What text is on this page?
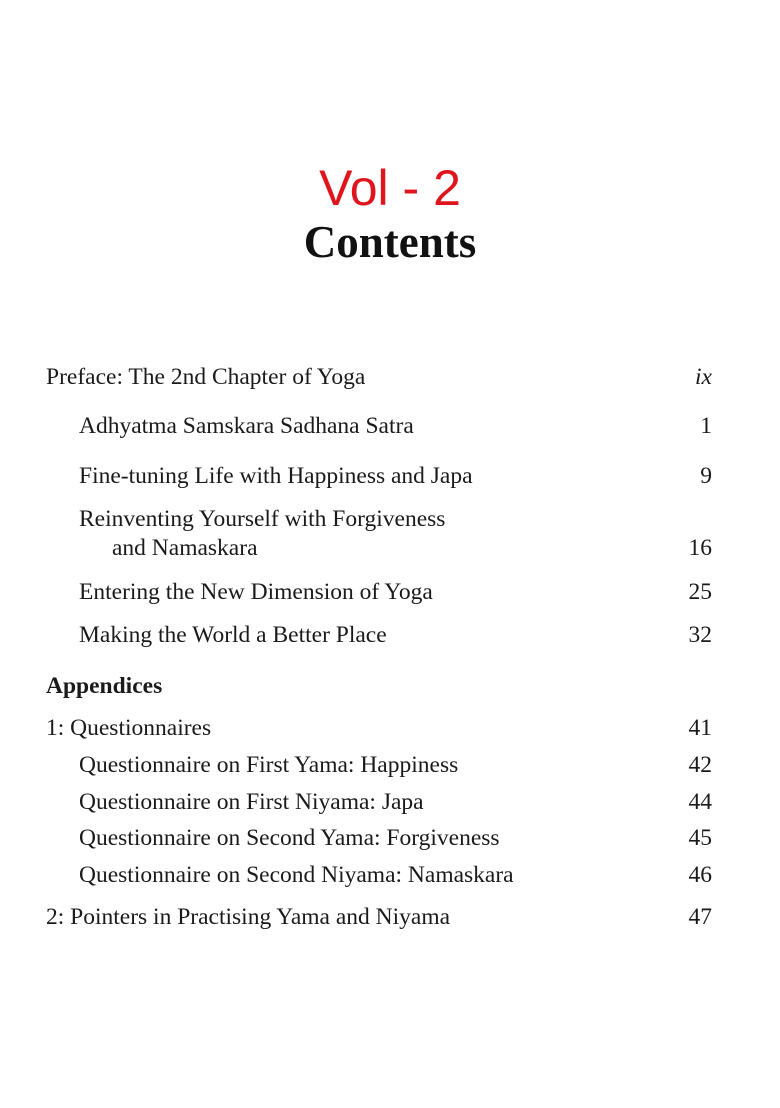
Vol - 2
Contents
Preface: The 2nd Chapter of Yoga	ix
Adhyatma Samskara Sadhana Satra	1
Fine-tuning Life with Happiness and Japa	9
Reinventing Yourself with Forgiveness
and Namaskara	16
Entering the New Dimension of Yoga	25
Making the World a Better Place	32
Appendices
1: Questionnaires	41
Questionnaire on First Yama: Happiness	42
Questionnaire on First Niyama: Japa	44
Questionnaire on Second Yama: Forgiveness	45
Questionnaire on Second Niyama: Namaskara	46
2: Pointers in Practising Yama and Niyama	47
